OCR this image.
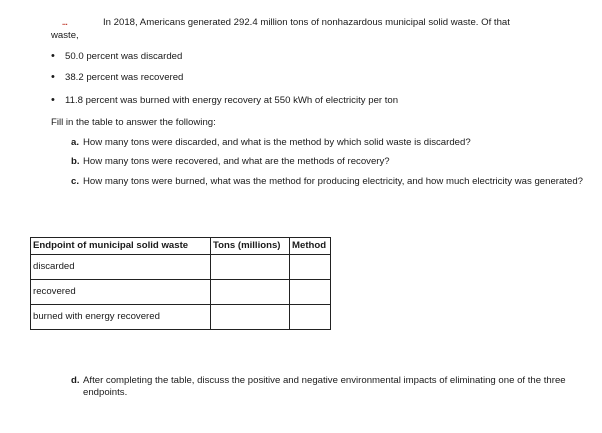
...	In 2018, Americans generated 292.4 million tons of nonhazardous municipal solid waste. Of that
waste,
•	50.0 percent was discarded
•	38.2 percent was recovered
•	11.8 percent was burned with energy recovery at 550 kWh of electricity per ton
Fill in the table to answer the following:
a. How many tons were discarded, and what is the method by which solid waste is discarded?
b. How many tons were recovered, and what are the methods of recovery?
c. How many tons were burned, what was the method for producing electricity, and how much electricity was generated?
Endpoint of municipal solid waste	Tons (millions)	Method
discarded		
recovered		
burned with energy recovered		
d. After completing the table, discuss the positive and negative environmental impacts of eliminating one of the three endpoints.
